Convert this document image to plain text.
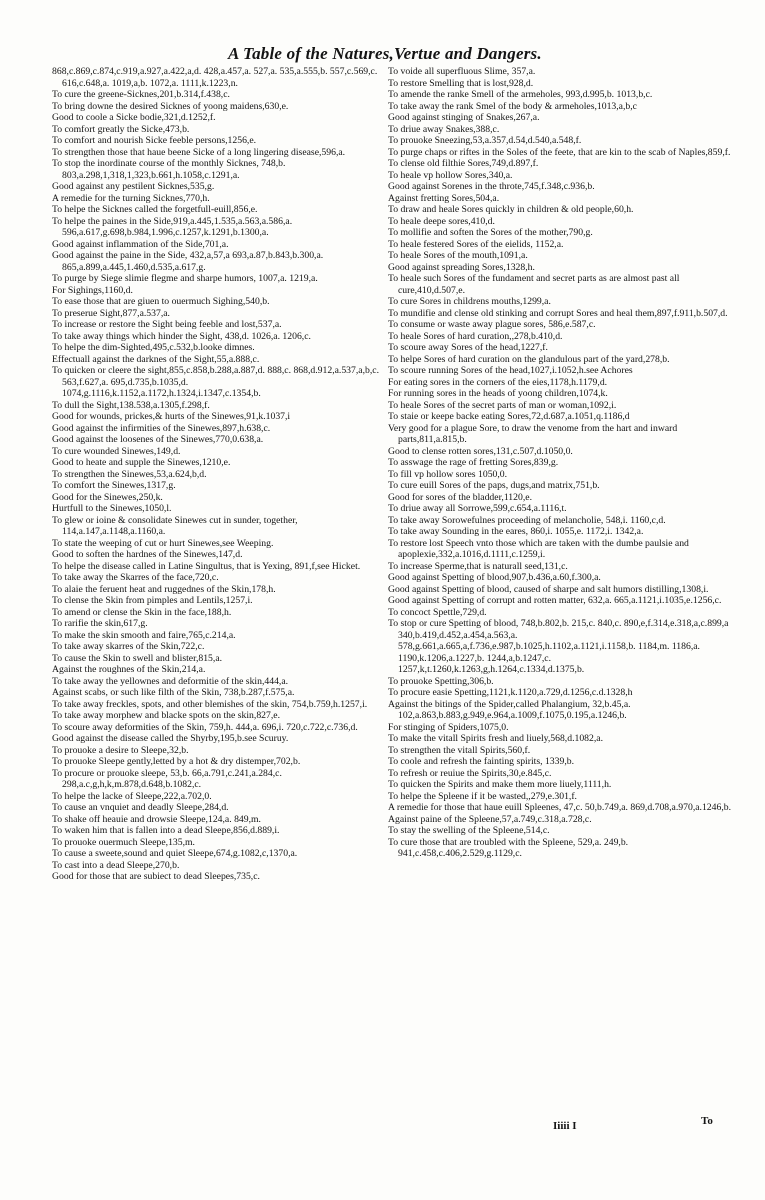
A Table of the Natures,Vertue and Dangers.

868,c.869,c.874,c.919,a.927,a.422,a,d. 428,a.457,a. 527,a. 535,a.555,b. 557,c.569,c. 616,c.648,a. 1019,a,b. 1072,a. 1111,k.1223,n.

To cure the greene-Sicknes,201,b.314,f.438,c.

To bring downe the desired Sicknes of yoong maidens,630,e.

Good to coole a Sicke bodie,321,d.1252,f.

To comfort greatly the Sicke,473,b.

To comfort and nourish Sicke feeble persons,1256,e.

To strengthen those that haue beene Sicke of a long lingering disease,596,a.

To stop the inordinate course of the monthly Sicknes, 748,b. 803,a.298,1,318,1,323,b.661,h.1058,c.1291,a.

Good against any pestilent Sicknes,535,g.

A remedie for the turning Sicknes,770,h.

To helpe the Sicknes called the forgetfull-euill,856,e.

To helpe the paines in the Side,919,a.445,1.535,a.563,a.586,a. 596,a.617,g.698,b.984,1.996,c.1257,k.1291,b.1300,a.

Good against inflammation of the Side,701,a.

Good against the paine in the Side, 432,a,57,a 693,a.87,b.843,b.300,a. 865,a.899,a.445,1.460,d.535,a.617,g.

To purge by Siege slimie flegme and sharpe humors, 1007,a. 1219,a.

For Sighings,1160,d.

To ease those that are giuen to ouermuch Sighing,540,b.

To preserue Sight,877,a.537,a.

To increase or restore the Sight being feeble and lost,537,a.

To take away things which hinder the Sight, 438,d. 1026,a. 1206,c.

To helpe the dim-Sighted,495,c.532,b.looke dimnes.

Effectuall against the darknes of the Sight,55,a.888,c.

To quicken or cleere the sight,855,c.858,b.288,a.887,d. 888,c. 868,d.912,a.537,a,b,c. 563,f.627,a. 695,d.735,b.1035,d. 1074,g.1116,k.1152,a.1172,h.1324,i.1347,c.1354,b.

To dull the Sight,138.538,a.1305,f.298,f.

Good for wounds, prickes,& hurts of the Sinewes,91,k.1037,i

Good against the infirmities of the Sinewes,897,h.638,c.

Good against the loosenes of the Sinewes,770,0.638,a.

To cure wounded Sinewes,149,d.

Good to heate and supple the Sinewes,1210,e.

To strengthen the Sinewes,53,a.624,b,d.

To comfort the Sinewes,1317,g.

Good for the Sinewes,250,k.

Hurtfull to the Sinewes,1050,l.

To glew or ioine & consolidate Sinewes cut in sunder, together, 114,a.147,a.1148,a.1160,a.

To state the weeping of cut or hurt Sinewes,see Weeping.

Good to soften the hardnes of the Sinewes,147,d.

To helpe the disease called in Latine Singultus, that is Yexing, 891,f,see Hicket.

To take away the Skarres of the face,720,c.

To alaie the feruent heat and ruggednes of the Skin,178,h.

To clense the Skin from pimples and Lentils,1257,i.

To amend or clense the Skin in the face,188,h.

To rarifie the skin,617,g.

To make the skin smooth and faire,765,c.214,a.

To take away skarres of the Skin,722,c.

To cause the Skin to swell and blister,815,a.

Against the roughnes of the Skin,214,a.

To take away the yellownes and deformitie of the skin,444,a.

Against scabs, or such like filth of the Skin, 738,b.287,f.575,a.

To take away freckles, spots, and other blemishes of the skin, 754,b.759,h.1257,i.

To take away morphew and blacke spots on the skin,827,e.

To scoure away deformities of the Skin, 759,h. 444,a. 696,i. 720,c.722,c.736,d.

Good against the disease called the Shyrby,195,b.see Scuruy.

To prouoke a desire to Sleepe,32,b.

To prouoke Sleepe gently,letted by a hot & dry distemper,702,b.

To procure or prouoke sleepe, 53,b. 66,a.791,c.241,a.284,c. 298,a.c,g,h,k,m.878,d.648,b.1082,c.

To helpe the lacke of Sleepe,222,a.702,0.

To cause an vnquiet and deadly Sleepe,284,d.

To shake off heauie and drowsie Sleepe,124,a. 849,m.

To waken him that is fallen into a dead Sleepe,856,d.889,i.

To prouoke ouermuch Sleepe,135,m.

To cause a sweete,sound and quiet Sleepe,674,g.1082,c,1370,a.

To cast into a dead Sleepe,270,b.

Good for those that are subiect to dead Sleepes,735,c.

To voide all superfluous Slime, 357,a.

To restore Smelling that is lost,928,d.

To amende the ranke Smell of the armeholes, 993,d.995,b. 1013,b,c.

To take away the rank Smel of the body & armeholes,1013,a,b,c

Good against stinging of Snakes,267,a.

To driue away Snakes,388,c.

To prouoke Sneezing,53,a.357,d.54,d.540,a.548,f.

To purge chaps or riftes in the Soles of the feete, that are kin to the scab of Naples,859,f.

To clense old filthie Sores,749,d.897,f.

To heale vp hollow Sores,340,a.

Good against Sorenes in the throte,745,f.348,c.936,b.

Against fretting Sores,504,a.

To draw and heale Sores quickly in children & old people,60,h.

To heale deepe sores,410,d.

To mollifie and soften the Sores of the mother,790,g.

To heale festered Sores of the eielids, 1152,a.

To heale Sores of the mouth,1091,a.

Good against spreading Sores,1328,h.

To heale such Sores of the fundament and secret parts as are almost past all cure,410,d.507,e.

To cure Sores in childrens mouths,1299,a.

To mundifie and clense old stinking and corrupt Sores and heal them,897,f.911,b.507,d.

To consume or waste away plague sores, 586,e.587,c.

To heale Sores of hard curation,,278,b.410,d.

To scoure away Sores of the head,1227,f.

To helpe Sores of hard curation on the glandulous part of the yard,278,b.

To scoure running Sores of the head,1027,i.1052,h.see Achores

For eating sores in the corners of the eies,1178,h.1179,d.

For running sores in the heads of yoong children,1074,k.

To heale Sores of the secret parts of man or woman,1092,i.

To staie or keepe backe eating Sores,72,d.687,a.1051,q.1186,d

Very good for a plague Sore, to draw the venome from the hart and inward parts,811,a.815,b.

Good to clense rotten sores,131,c.507,d.1050,0.

To asswage the rage of fretting Sores,839,g.

To fill vp hollow sores 1050,0.

To cure euill Sores of the paps, dugs,and matrix,751,b.

Good for sores of the bladder,1120,e.

To driue away all Sorrowe,599,c.654,a.1116,t.

To take away Sorowefulnes proceeding of melancholie, 548,i. 1160,c,d.

To take away Sounding in the eares, 860,i. 1055,e. 1172,i. 1342,a.

To restore lost Speech vnto those which are taken with the dumbe paulsie and apoplexie,332,a.1016,d.1111,c.1259,i.

To increase Sperme,that is naturall seed,131,c.

Good against Spetting of blood,907,b.436,a.60,f.300,a.

Good against Spetting of blood, caused of sharpe and salt humors distilling,1308,i.

Good against Spetting of corrupt and rotten matter, 632,a. 665,a.1121,i.1035,e.1256,c.

To concoct Spettle,729,d.

To stop or cure Spetting of blood, 748,b.802,b. 215,c. 840,c. 890,e,f.314,e.318,a,c.899,a 340,b.419,d.452,a.454,a.563,a. 578,g.661,a.665,a,f.736,e.987,b.1025,h.1102,a.1121,i.1158,b. 1184,m. 1186,a. 1190,k.1206,a.1227,b. 1244,a,b.1247,c. 1257,k,t.1260,k.1263,g,h.1264,c.1334,d.1375,b.

To prouoke Spetting,306,b.

To procure easie Spetting,1121,k.1120,a.729,d.1256,c.d.1328,h

Against the bitings of the Spider,called Phalangium, 32,b.45,a. 102,a.863,b.883,g.949,e.964,a.1009,f.1075,0.195,a.1246,b.

For stinging of Spiders,1075,0.

To make the vitall Spirits fresh and liuely,568,d.1082,a.

To strengthen the vitall Spirits,560,f.

To coole and refresh the fainting spirits, 1339,b.

To refresh or reuiue the Spirits,30,e.845,c.

To quicken the Spirits and make them more liuely,1111,h.

To helpe the Spleene if it be wasted,,279,e.301,f.

A remedie for those that haue euill Spleenes, 47,c. 50,b.749,a. 869,d.708,a.970,a.1246,b.

Against paine of the Spleene,57,a.749,c.318,a.728,c.

To stay the swelling of the Spleene,514,c.

To cure those that are troubled with the Spleene, 529,a. 249,b. 941,c.458,c.406,2.529,g.1129,c.

Iiiii I	To
